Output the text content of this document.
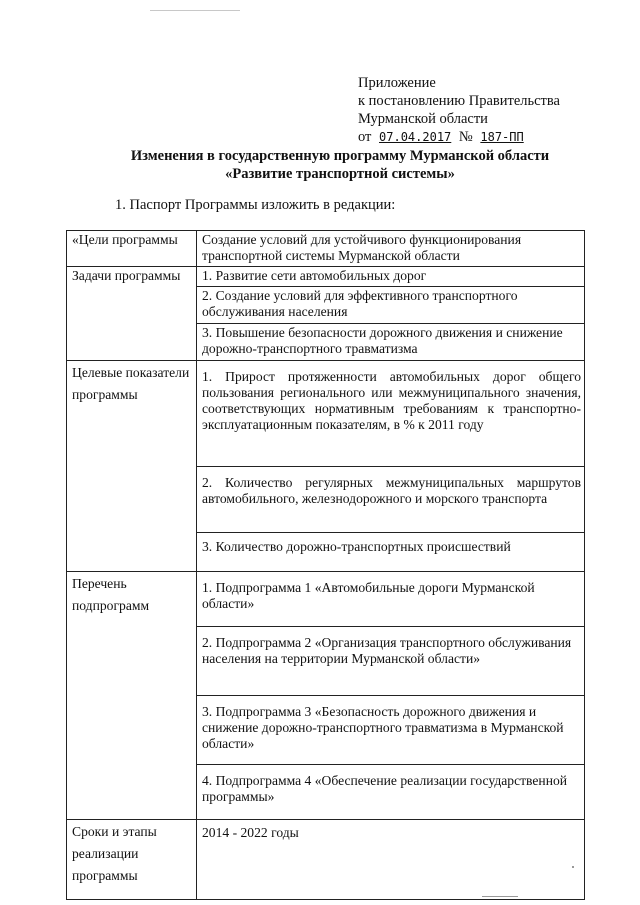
Приложение
к постановлению Правительства
Мурманской области
от 07.04.2017 № 187-ПП
Изменения в государственную программу Мурманской области
«Развитие транспортной системы»
1. Паспорт Программы изложить в редакции:
«Цели программы	Создание условий для устойчивого функционирования транспортной системы Мурманской области
Задачи программы	1. Развитие сети автомобильных дорог
	2. Создание условий для эффективного транспортного обслуживания населения
	3. Повышение безопасности дорожного движения и снижение дорожно-транспортного травматизма
Целевые показатели программы	1. Прирост протяженности автомобильных дорог общего пользования регионального или межмуниципального значения, соответствующих нормативным требованиям к транспортно-эксплуатационным показателям, в % к 2011 году
	2. Количество регулярных межмуниципальных маршрутов автомобильного, железнодорожного и морского транспорта
	3. Количество дорожно-транспортных происшествий
Перечень подпрограмм	1. Подпрограмма 1 «Автомобильные дороги Мурманской области»
	2. Подпрограмма 2 «Организация транспортного обслуживания населения на территории Мурманской области»
	3. Подпрограмма 3 «Безопасность дорожного движения и снижение дорожно-транспортного травматизма в Мурманской области»
	4. Подпрограмма 4 «Обеспечение реализации государственной программы»
Сроки и этапы реализации программы	2014 - 2022 годы
